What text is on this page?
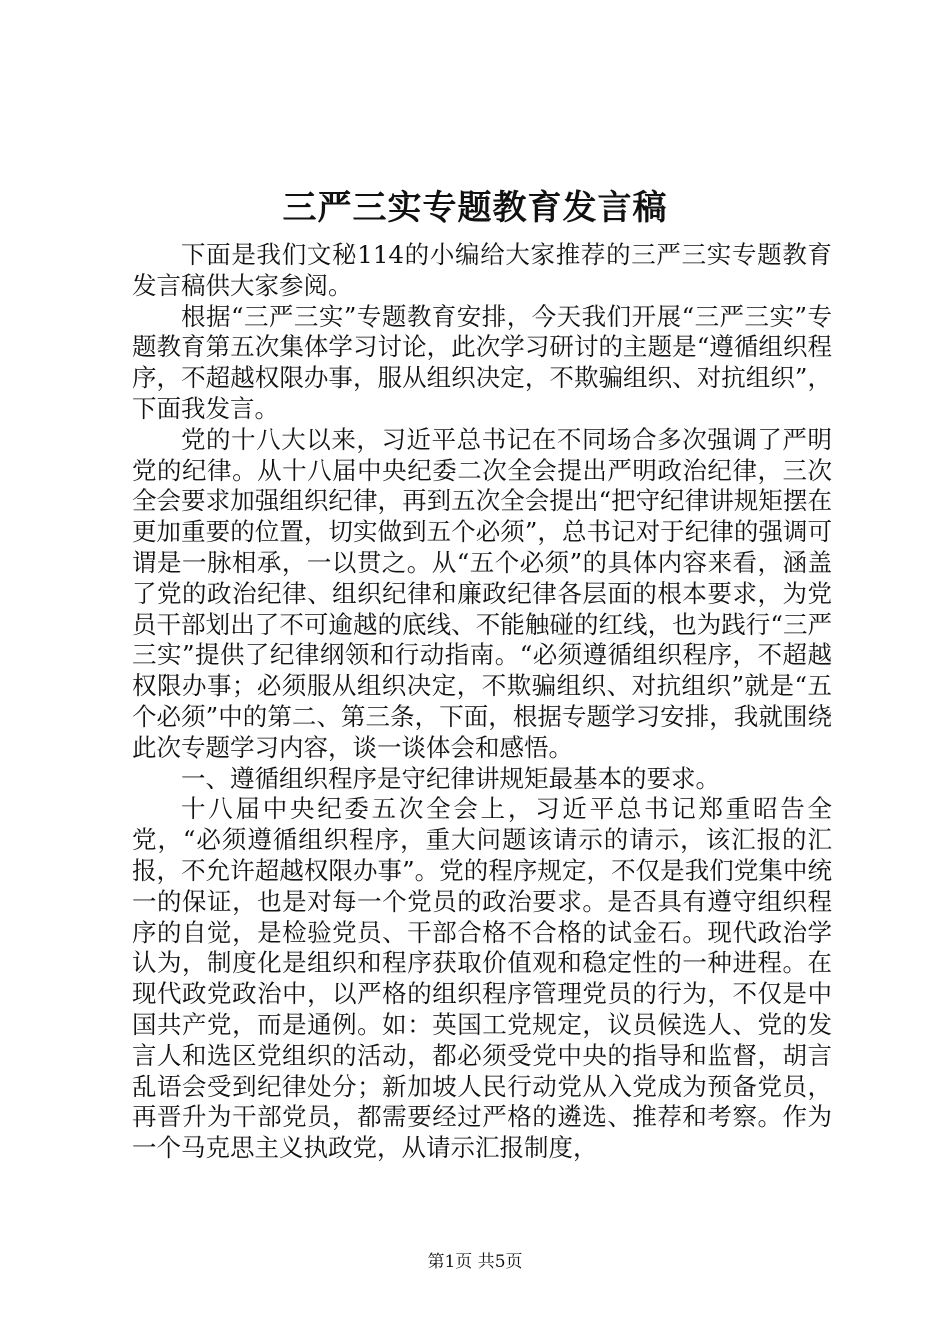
三严三实专题教育发言稿

下面是我们文秘114的小编给大家推荐的三严三实专题教育发言稿供大家参阅。

根据“三严三实”专题教育安排，今天我们开展“三严三实”专题教育第五次集体学习讨论，此次学习研讨的主题是“遵循组织程序，不超越权限办事，服从组织决定，不欺骗组织、对抗组织”，下面我发言。

党的十八大以来，习近平总书记在不同场合多次强调了严明党的纪律。从十八届中央纪委二次全会提出严明政治纪律，三次全会要求加强组织纪律，再到五次全会提出“把守纪律讲规矩摆在更加重要的位置，切实做到五个必须”，总书记对于纪律的强调可谓是一脉相承，一以贯之。从“五个必须”的具体内容来看，涵盖了党的政治纪律、组织纪律和廉政纪律各层面的根本要求，为党员干部划出了不可逾越的底线、不能触碰的红线，也为践行“三严三实”提供了纪律纲领和行动指南。“必须遵循组织程序，不超越权限办事；必须服从组织决定，不欺骗组织、对抗组织”就是“五个必须”中的第二、第三条，下面，根据专题学习安排，我就围绕此次专题学习内容，谈一谈体会和感悟。

一、遵循组织程序是守纪律讲规矩最基本的要求。

十八届中央纪委五次全会上，习近平总书记郑重昭告全党，“必须遵循组织程序，重大问题该请示的请示，该汇报的汇报，不允许超越权限办事”。党的程序规定，不仅是我们党集中统一的保证，也是对每一个党员的政治要求。是否具有遵守组织程序的自觉，是检验党员、干部合格不合格的试金石。现代政治学认为，制度化是组织和程序获取价值观和稳定性的一种进程。在现代政党政治中，以严格的组织程序管理党员的行为，不仅是中国共产党，而是通例。如：英国工党规定，议员候选人、党的发言人和选区党组织的活动，都必须受党中央的指导和监督，胡言乱语会受到纪律处分；新加坡人民行动党从入党成为预备党员，再晋升为干部党员，都需要经过严格的遴选、推荐和考察。作为一个马克思主义执政党，从请示汇报制度，

第1页 共5页
